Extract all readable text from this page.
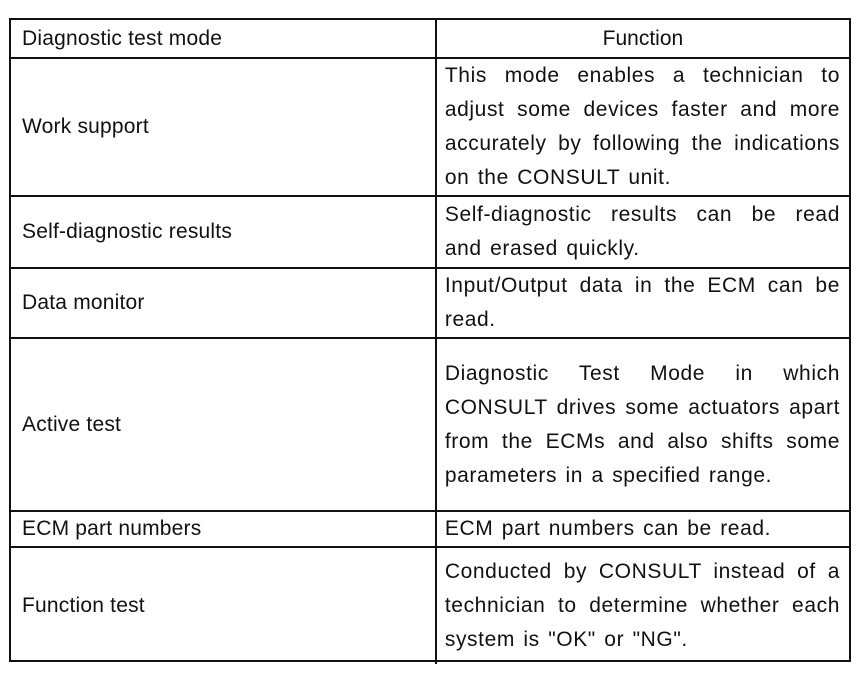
Diagnostic test mode	Function
Work support	This mode enables a technician to adjust some devices faster and more accurately by following the indications on the CONSULT unit.

Self-diagnostic results	Self-diagnostic results can be read and erased quickly.

Data monitor	Input/Output data in the ECM can be read.

Active test	Diagnostic Test Mode in which CONSULT drives some actuators apart from the ECMs and also shifts some parameters in a specified range.

ECM part numbers	ECM part numbers can be read.

Function test	Conducted by CONSULT instead of a technician to determine whether each system is "OK" or "NG".
